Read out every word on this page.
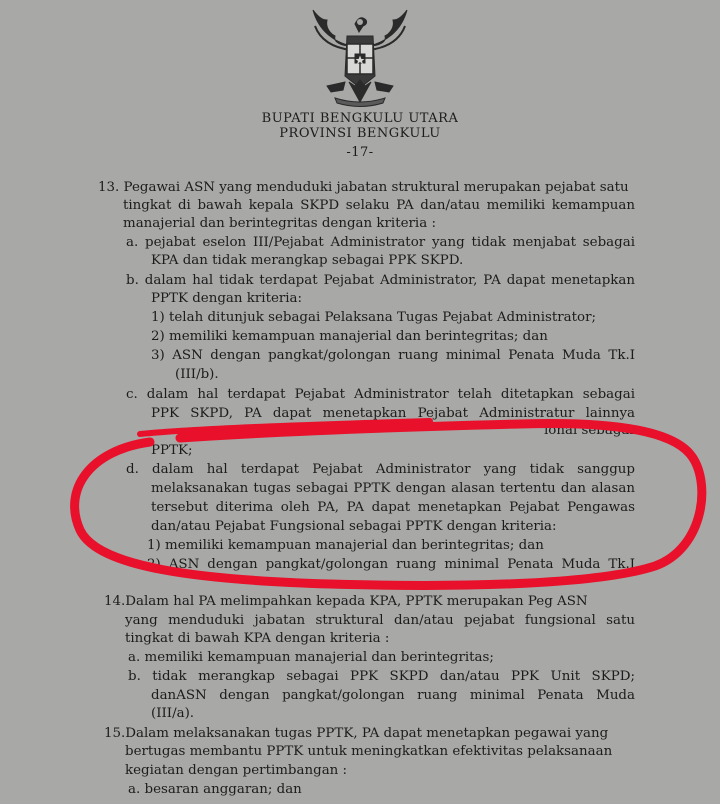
BUPATI BENGKULU UTARA
PROVINSI BENGKULU
-17-
13. Pegawai ASN yang menduduki jabatan struktural merupakan pejabat satu
tingkat di bawah kepala SKPD selaku PA dan/atau memiliki kemampuan
manajerial dan berintegritas dengan kriteria :
a. pejabat eselon III/Pejabat Administrator yang tidak menjabat sebagai
KPA dan tidak merangkap sebagai PPK SKPD.
b. dalam hal tidak terdapat Pejabat Administrator, PA dapat menetapkan
PPTK dengan kriteria:
1) telah ditunjuk sebagai Pelaksana Tugas Pejabat Administrator;
2) memiliki kemampuan manajerial dan berintegritas; dan
3) ASN dengan pangkat/golongan ruang minimal Penata Muda Tk.I
(III/b).
c. dalam hal terdapat Pejabat Administrator telah ditetapkan sebagai
PPK SKPD, PA dapat menetapkan Pejabat Administratur lainnya
ional sebagai
PPTK;
d. dalam hal terdapat Pejabat Administrator yang tidak sanggup
melaksanakan tugas sebagai PPTK dengan alasan tertentu dan alasan
tersebut diterima oleh PA, PA dapat menetapkan Pejabat Pengawas
dan/atau Pejabat Fungsional sebagai PPTK dengan kriteria:
1) memiliki kemampuan manajerial dan berintegritas; dan
2) ASN dengan pangkat/golongan ruang minimal Penata Muda Tk.I
14.Dalam hal PA melimpahkan kepada KPA, PPTK merupakan Peg ASN
yang menduduki jabatan struktural dan/atau pejabat fungsional satu
tingkat di bawah KPA dengan kriteria :
a. memiliki kemampuan manajerial dan berintegritas;
b. tidak merangkap sebagai PPK SKPD dan/atau PPK Unit SKPD;
danASN dengan pangkat/golongan ruang minimal Penata Muda
(III/a).
15.Dalam melaksanakan tugas PPTK, PA dapat menetapkan pegawai yang
bertugas membantu PPTK untuk meningkatkan efektivitas pelaksanaan
kegiatan dengan pertimbangan :
a. besaran anggaran; dan
